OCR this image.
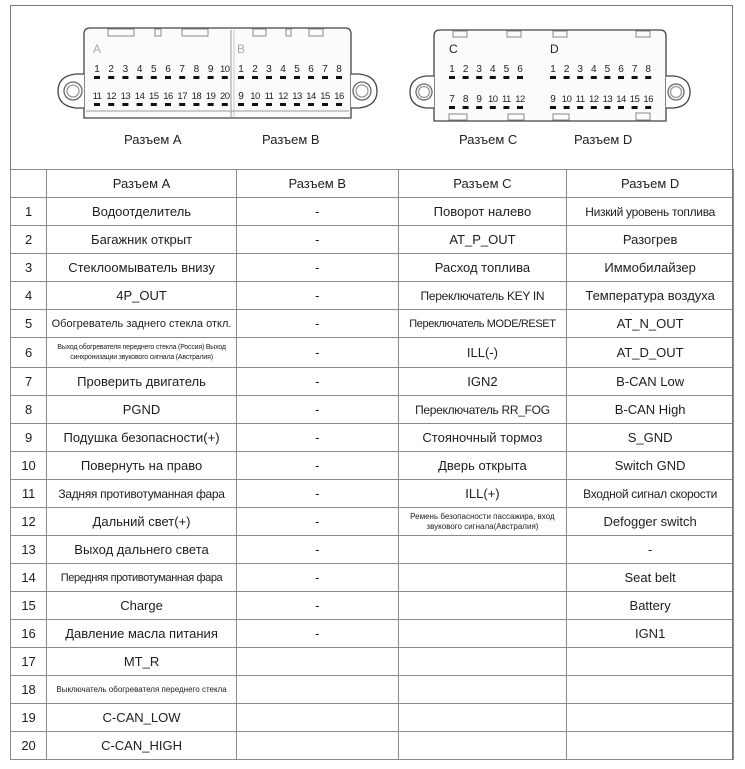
A	B	C	D
1 2 3 4 5 6 7 8 9 10
11 12 13 14 15 16 17 18 19 20
1 2 3 4 5 6 7 8
9 10 11 12 13 14 15 16
1 2 3 4 5 6
7 8 9 10 11 12
1 2 3 4 5 6 7 8
9 10 11 12 13 14 15 16
Разъем A	Разъем B	Разъем C	Разъем D
	Разъем A	Разъем B	Разъем C	Разъем D
1	Водоотделитель	-	Поворот налево	Низкий уровень топлива
2	Багажник открыт	-	AT_P_OUT	Разогрев
3	Стеклоомыватель внизу	-	Расход топлива	Иммобилайзер
4	4P_OUT	-	Переключатель KEY IN	Температура воздуха
5	Обогреватель заднего стекла откл.	-	Переключатель MODE/RESET	AT_N_OUT
6	Выход обогревателя переднего стекла (Россия) Выход синхронизации звукового сигнала (Австралия)	-	ILL(-)	AT_D_OUT
7	Проверить двигатель	-	IGN2	B-CAN Low
8	PGND	-	Переключатель RR_FOG	B-CAN High
9	Подушка безопасности(+)	-	Стояночный тормоз	S_GND
10	Повернуть на право	-	Дверь открыта	Switch GND
11	Задняя противотуманная фара	-	ILL(+)	Входной сигнал скорости
12	Дальний свет(+)	-	Ремень безопасности пассажира, вход звукового сигнала(Австралия)	Defogger switch
13	Выход дальнего света	-		-
14	Передняя противотуманная фара	-		Seat belt
15	Charge	-		Battery
16	Давление масла питания	-		IGN1
17	MT_R			
18	Выключатель обогревателя переднего стекла			
19	C-CAN_LOW			
20	C-CAN_HIGH			
